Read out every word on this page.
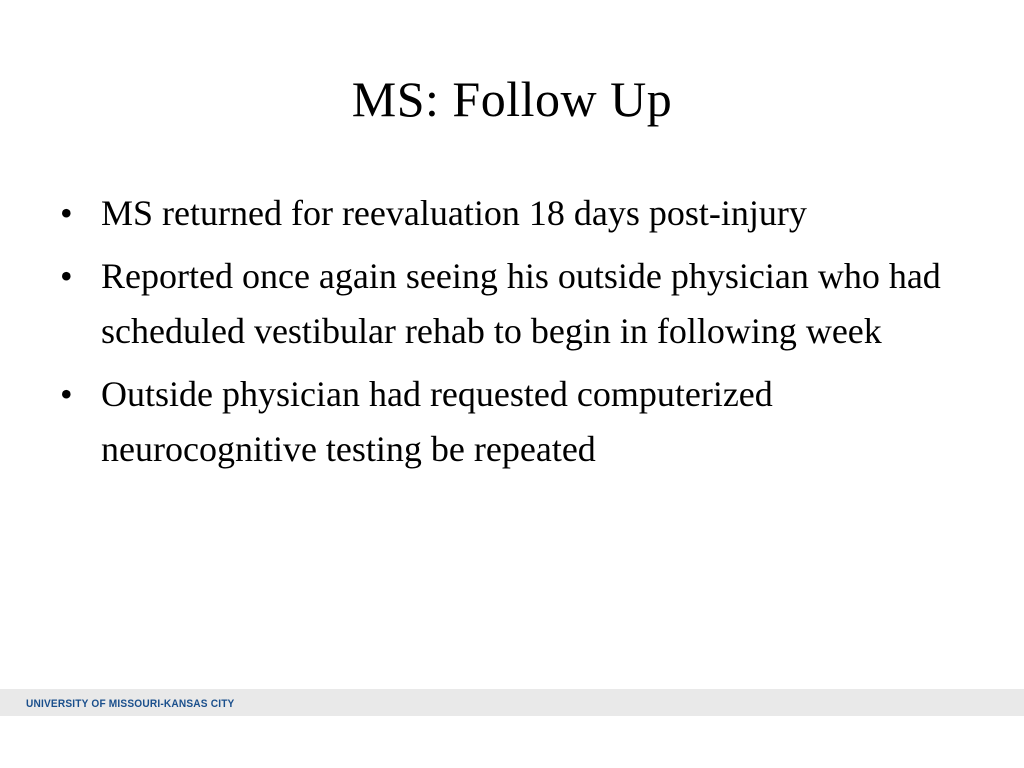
MS: Follow Up
• MS returned for reevaluation 18 days post-injury
• Reported once again seeing his outside physician who had scheduled vestibular rehab to begin in following week
• Outside physician had requested computerized neurocognitive testing be repeated
UNIVERSITY OF MISSOURI-KANSAS CITY
